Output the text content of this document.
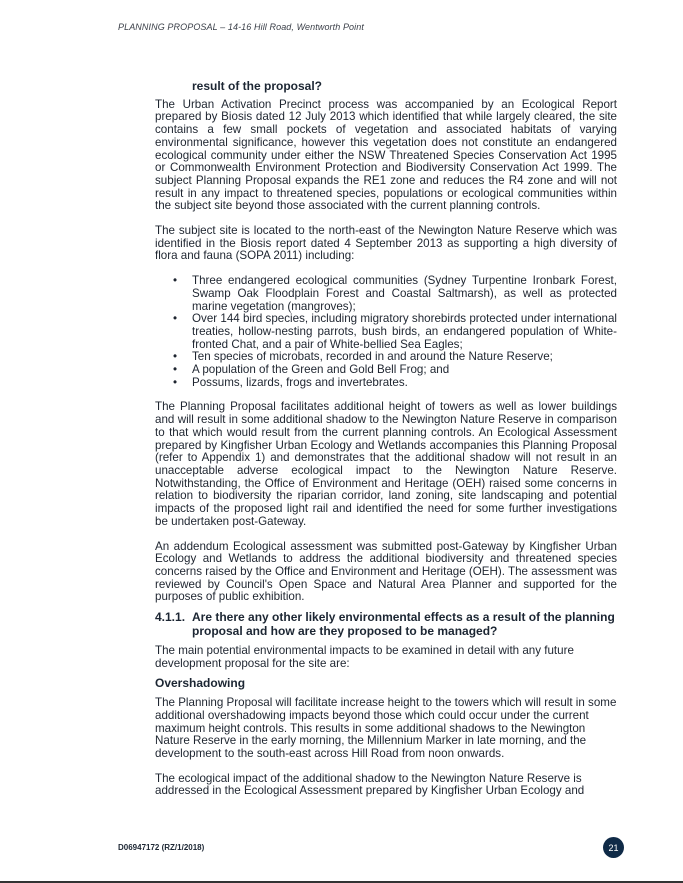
PLANNING PROPOSAL – 14-16 Hill Road, Wentworth Point
result of the proposal?

The Urban Activation Precinct process was accompanied by an Ecological Report prepared by Biosis dated 12 July 2013 which identified that while largely cleared, the site contains a few small pockets of vegetation and associated habitats of varying environmental significance, however this vegetation does not constitute an endangered ecological community under either the NSW Threatened Species Conservation Act 1995 or Commonwealth Environment Protection and Biodiversity Conservation Act 1999. The subject Planning Proposal expands the RE1 zone and reduces the R4 zone and will not result in any impact to threatened species, populations or ecological communities within the subject site beyond those associated with the current planning controls.

The subject site is located to the north-east of the Newington Nature Reserve which was identified in the Biosis report dated 4 September 2013 as supporting a high diversity of flora and fauna (SOPA 2011) including:

• Three endangered ecological communities (Sydney Turpentine Ironbark Forest, Swamp Oak Floodplain Forest and Coastal Saltmarsh), as well as protected marine vegetation (mangroves);
• Over 144 bird species, including migratory shorebirds protected under international treaties, hollow-nesting parrots, bush birds, an endangered population of White-fronted Chat, and a pair of White-bellied Sea Eagles;
• Ten species of microbats, recorded in and around the Nature Reserve;
• A population of the Green and Gold Bell Frog; and
• Possums, lizards, frogs and invertebrates.

The Planning Proposal facilitates additional height of towers as well as lower buildings and will result in some additional shadow to the Newington Nature Reserve in comparison to that which would result from the current planning controls. An Ecological Assessment prepared by Kingfisher Urban Ecology and Wetlands accompanies this Planning Proposal (refer to Appendix 1) and demonstrates that the additional shadow will not result in an unacceptable adverse ecological impact to the Newington Nature Reserve. Notwithstanding, the Office of Environment and Heritage (OEH) raised some concerns in relation to biodiversity the riparian corridor, land zoning, site landscaping and potential impacts of the proposed light rail and identified the need for some further investigations be undertaken post-Gateway.

An addendum Ecological assessment was submitted post-Gateway by Kingfisher Urban Ecology and Wetlands to address the additional biodiversity and threatened species concerns raised by the Office and Environment and Heritage (OEH). The assessment was reviewed by Council's Open Space and Natural Area Planner and supported for the purposes of public exhibition.

4.1.1. Are there any other likely environmental effects as a result of the planning proposal and how are they proposed to be managed?

The main potential environmental impacts to be examined in detail with any future development proposal for the site are:

Overshadowing

The Planning Proposal will facilitate increase height to the towers which will result in some additional overshadowing impacts beyond those which could occur under the current maximum height controls. This results in some additional shadows to the Newington Nature Reserve in the early morning, the Millennium Marker in late morning, and the development to the south-east across Hill Road from noon onwards.

The ecological impact of the additional shadow to the Newington Nature Reserve is addressed in the Ecological Assessment prepared by Kingfisher Urban Ecology and

D06947172 (RZ/1/2018)	21
